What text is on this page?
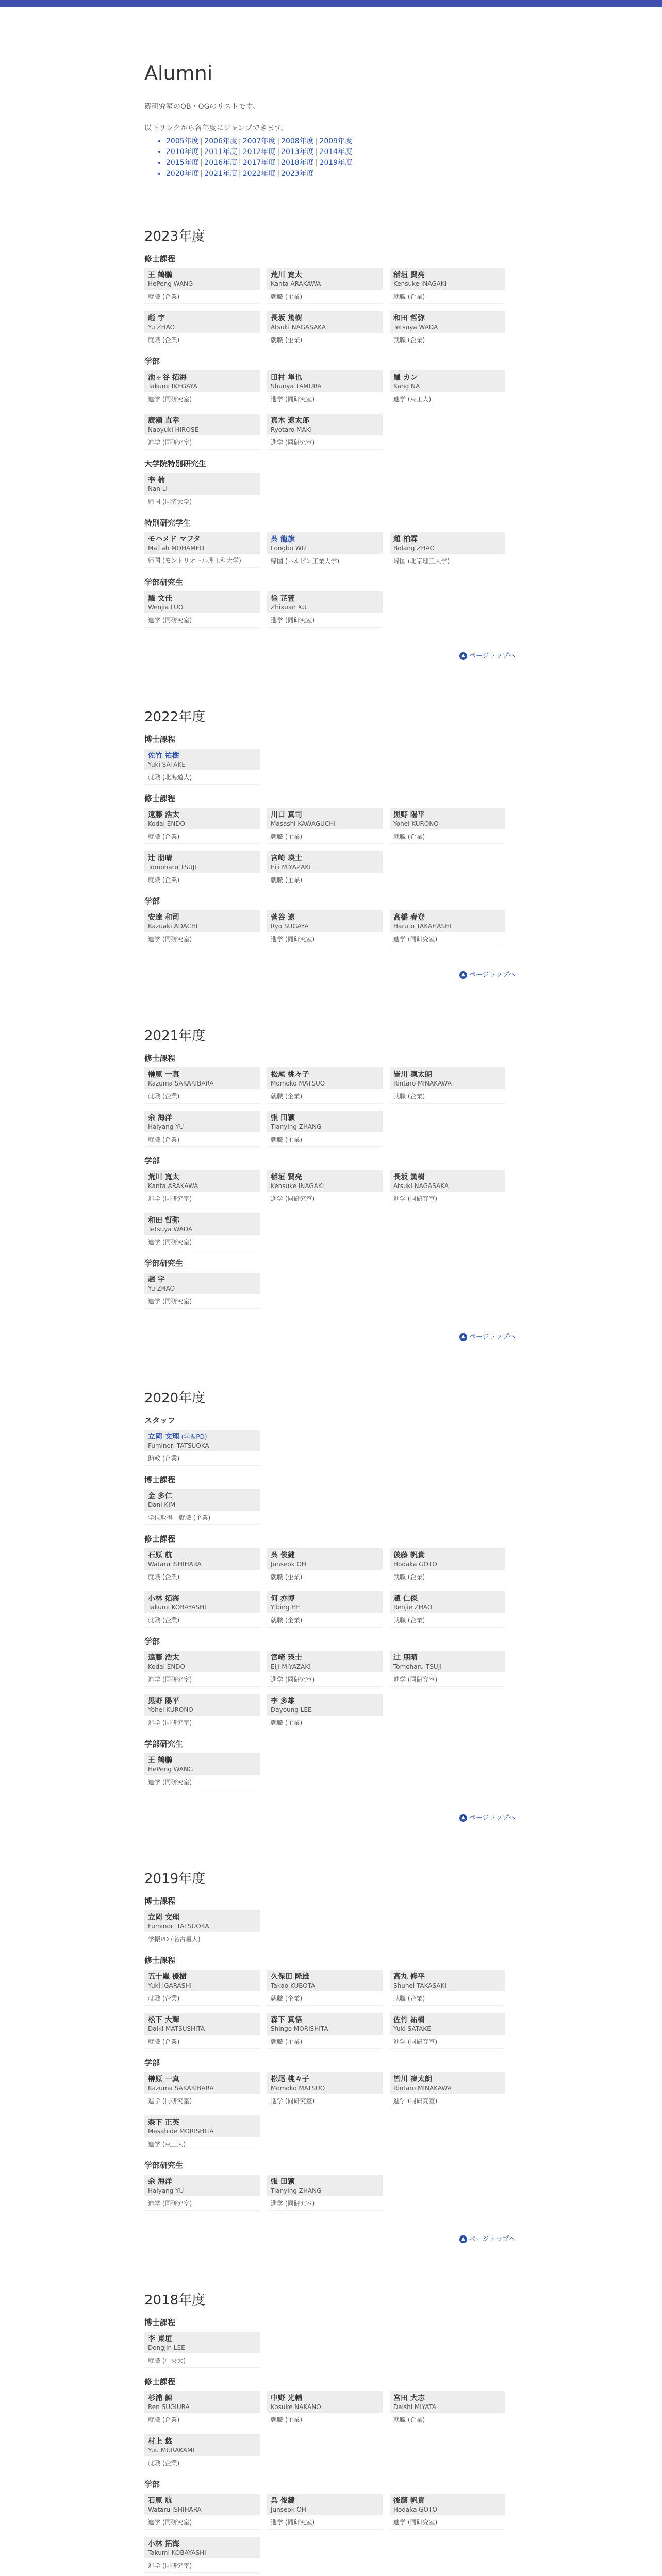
Alumni

篠研究室のOB・OGのリストです。

以下リンクから各年度にジャンプできます。

• 2005年度 | 2006年度 | 2007年度 | 2008年度 | 2009年度
• 2010年度 | 2011年度 | 2012年度 | 2013年度 | 2014年度
• 2015年度 | 2016年度 | 2017年度 | 2018年度 | 2019年度
• 2020年度 | 2021年度 | 2022年度 | 2023年度
2023年度
修士課程
王 鶴鵬
HePeng WANG
就職 (企業)
荒川 寛太
Kanta ARAKAWA
就職 (企業)
稲垣 賢亮
Kensuke INAGAKI
就職 (企業)
趙 宇
Yu ZHAO
就職 (企業)
長坂 篤樹
Atsuki NAGASAKA
就職 (企業)
和田 哲弥
Tetsuya WADA
就職 (企業)
学部
池ヶ谷 拓海
Takumi IKEGAYA
進学 (同研究室)
田村 隼也
Shunya TAMURA
進学 (同研究室)
羅 カン
Kang NA
進学 (東工大)
廣瀬 直幸
Naoyuki HIROSE
進学 (同研究室)
真木 遼太郎
Ryotaro MAKI
進学 (同研究室)
大学院特別研究生
李 楠
Nan LI
帰国 (同済大学)
特別研究学生
モハメド マフタ
Maftah MOHAMED
帰国 (モントリオール理工科大学)
呉 龍旗
Longbo WU
帰国 (ハルビン工業大学)
趙 柏霖
Bolang ZHAO
帰国 (北京理工大学)
学部研究生
羅 文佳
Wenjia LUO
進学 (同研究室)
徐 芷萱
Zhixuan XU
進学 (同研究室)
▲ ページトップへ
2022年度
博士課程
佐竹 祐樹
Yuki SATAKE
就職 (北海道大)
修士課程
遠藤 浩太
Kodai ENDO
就職 (企業)
川口 真司
Masashi KAWAGUCHI
就職 (企業)
黒野 陽平
Yohei KURONO
就職 (企業)
辻 朋晴
Tomoharu TSUJI
就職 (企業)
宮崎 瑛士
Eiji MIYAZAKI
就職 (企業)
学部
安達 和司
Kazuaki ADACHI
進学 (同研究室)
菅谷 遼
Ryo SUGAYA
進学 (同研究室)
高橋 春登
Haruto TAKAHASHI
進学 (同研究室)
▲ ページトップへ
2021年度
修士課程
榊原 一真
Kazuma SAKAKIBARA
就職 (企業)
松尾 桃々子
Momoko MATSUO
就職 (企業)
皆川 凜太朗
Rintaro MINAKAWA
就職 (企業)
余 海洋
Haiyang YU
就職 (企業)
張 田颖
Tianying ZHANG
就職 (企業)
学部
荒川 寛太
Kanta ARAKAWA
進学 (同研究室)
稲垣 賢亮
Kensuke INAGAKI
進学 (同研究室)
長坂 篤樹
Atsuki NAGASAKA
進学 (同研究室)
和田 哲弥
Tetsuya WADA
進学 (同研究室)
学部研究生
趙 宇
Yu ZHAO
進学 (同研究室)
▲ ページトップへ
2020年度
スタッフ
立岡 文理 (学振PD)
Fuminori TATSUOKA
助教 (企業)
博士課程
金 多仁
Dani KIM
学位取得 - 就職 (企業)
修士課程
石原 航
Wataru ISHIHARA
就職 (企業)
呉 俊鍵
Junseok OH
就職 (企業)
後藤 帆貴
Hodaka GOTO
就職 (企業)
小林 拓海
Takumi KOBAYASHI
就職 (企業)
何 亦博
Yibing HE
就職 (企業)
趙 仁傑
Renjie ZHAO
就職 (企業)
学部
遠藤 浩太
Kodai ENDO
進学 (同研究室)
宮崎 瑛士
Eiji MIYAZAKI
進学 (同研究室)
辻 朋晴
Tomoharu TSUJI
進学 (同研究室)
黒野 陽平
Yohei KURONO
進学 (同研究室)
李 多雄
Dayoung LEE
就職 (企業)
学部研究生
王 鶴鵬
HePeng WANG
進学 (同研究室)
▲ ページトップへ
2019年度
博士課程
立岡 文理
Fuminori TATSUOKA
学振PD (名古屋大)
修士課程
五十嵐 優樹
Yuki IGARASHI
就職 (企業)
久保田 隆雄
Takao KUBOTA
就職 (企業)
高丸 修平
Shuhei TAKASAKI
就職 (企業)
松下 大輝
Daiki MATSUSHITA
就職 (企業)
森下 真悟
Shingo MORISHITA
就職 (企業)
佐竹 祐樹
Yuki SATAKE
進学 (同研究室)
学部
榊原 一真
Kazuma SAKAKIBARA
進学 (同研究室)
松尾 桃々子
Momoko MATSUO
進学 (同研究室)
皆川 凜太朗
Rintaro MINAKAWA
進学 (同研究室)
森下 正英
Masahide MORISHITA
進学 (東工大)
学部研究生
余 海洋
Haiyang YU
進学 (同研究室)
張 田颖
Tianying ZHANG
進学 (同研究室)
▲ ページトップへ
2018年度
博士課程
李 東垣
Dongjin LEE
就職 (中央大)
修士課程
杉浦 錬
Ren SUGIURA
就職 (企業)
中野 光輔
Kosuke NAKANO
就職 (企業)
宮田 大志
Daishi MIYATA
就職 (企業)
村上 悠
Yuu MURAKAMI
就職 (企業)
学部
石原 航
Wataru ISHIHARA
進学 (同研究室)
呉 俊鍵
Junseok OH
進学 (同研究室)
後藤 帆貴
Hodaka GOTO
進学 (同研究室)
小林 拓海
Takumi KOBAYASHI
進学 (同研究室)
